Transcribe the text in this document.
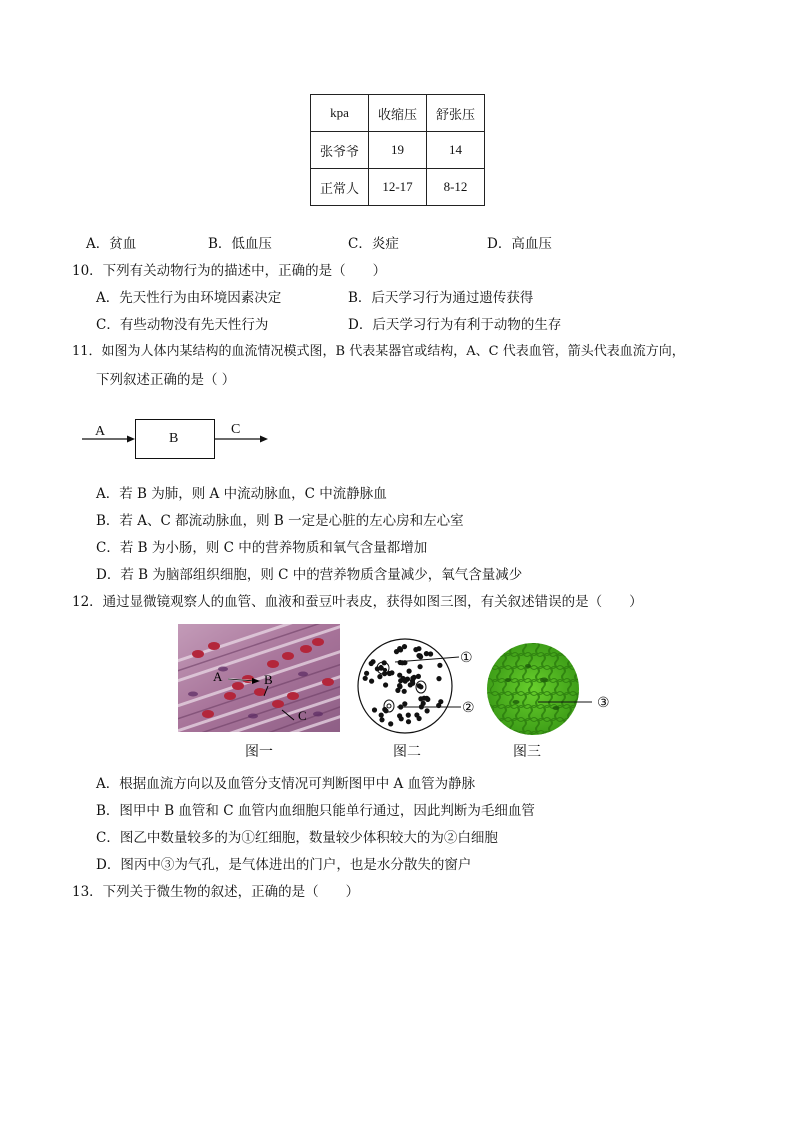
kpa	收缩压	舒张压
张爷爷	19	14
正常人	12-17	8-12
A．贫血	B．低血压	C．炎症	D．高血压
10．下列有关动物行为的描述中，正确的是（　　）
A．先天性行为由环境因素决定	B．后天学习行为通过遗传获得
C．有些动物没有先天性行为	D．后天学习行为有利于动物的生存
11．如图为人体内某结构的血流情况模式图，B 代表某器官或结构，A、C 代表血管，箭头代表血流方向，
下列叙述正确的是（ ）
A	B
C
A．若 B 为肺，则 A 中流动脉血，C 中流静脉血
B．若 A、C 都流动脉血，则 B 一定是心脏的左心房和左心室
C．若 B 为小肠，则 C 中的营养物质和氧气含量都增加
D．若 B 为脑部组织细胞，则 C 中的营养物质含量减少，氧气含量减少
12．通过显微镜观察人的血管、血液和蚕豆叶表皮，获得如图三图，有关叙述错误的是（　　）
A	B
C
①
②	③
图一	图二	图三
A．根据血流方向以及血管分支情况可判断图甲中 A 血管为静脉
B．图甲中 B 血管和 C 血管内血细胞只能单行通过，因此判断为毛细血管
C．图乙中数量较多的为①红细胞，数量较少体积较大的为②白细胞
D．图丙中③为气孔，是气体进出的门户，也是水分散失的窗户
13．下列关于微生物的叙述，正确的是（　　）
